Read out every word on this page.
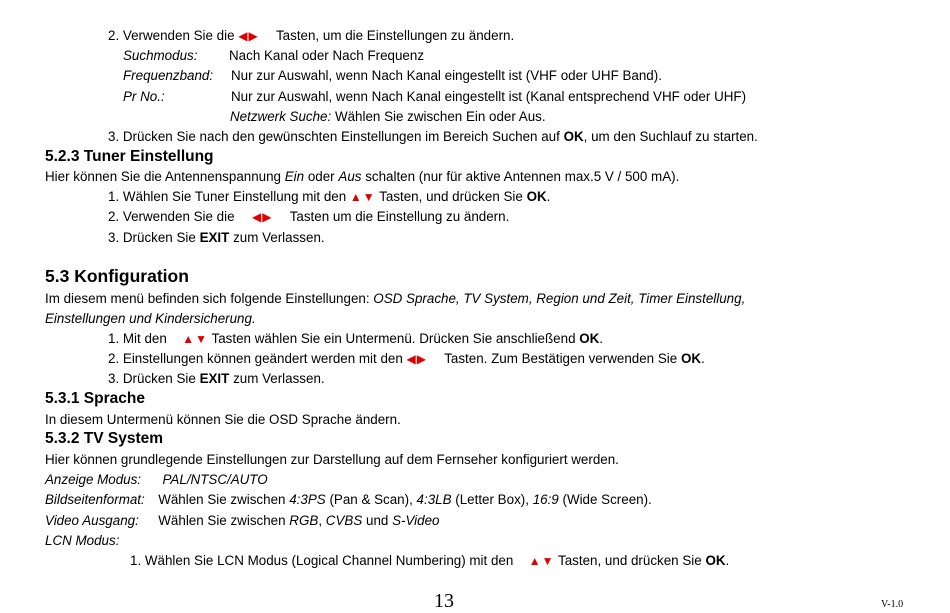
2. Verwenden Sie die ◀▶ Tasten, um die Einstellungen zu ändern.
Suchmodus: Nach Kanal oder Nach Frequenz
Frequenzband: Nur zur Auswahl, wenn Nach Kanal eingestellt ist (VHF oder UHF Band).
Pr No.:	Nur zur Auswahl, wenn Nach Kanal eingestellt ist (Kanal entsprechend VHF oder UHF)
Netzwerk Suche: Wählen Sie zwischen Ein oder Aus.
3. Drücken Sie nach den gewünschten Einstellungen im Bereich Suchen auf OK, um den Suchlauf zu starten.
5.2.3 Tuner Einstellung
Hier können Sie die Antennenspannung Ein oder Aus schalten (nur für aktive Antennen max.5 V / 500 mA).
1. Wählen Sie Tuner Einstellung mit den ▲▼ Tasten, und drücken Sie OK.
2. Verwenden Sie die ◀▶ Tasten um die Einstellung zu ändern.
3. Drücken Sie EXIT zum Verlassen.
5.3 Konfiguration
Im diesem menü befinden sich folgende Einstellungen: OSD Sprache, TV System, Region und Zeit, Timer Einstellung,
Einstellungen und Kindersicherung.
1. Mit den ▲▼ Tasten wählen Sie ein Untermenü. Drücken Sie anschließend OK.
2. Einstellungen können geändert werden mit den ◀▶ Tasten. Zum Bestätigen verwenden Sie OK.
3. Drücken Sie EXIT zum Verlassen.
5.3.1 Sprache
In diesem Untermenü können Sie die OSD Sprache ändern.
5.3.2 TV System
Hier können grundlegende Einstellungen zur Darstellung auf dem Fernseher konfiguriert werden.
Anzeige Modus: PAL/NTSC/AUTO
Bildseitenformat: Wählen Sie zwischen 4:3PS (Pan & Scan), 4:3LB (Letter Box), 16:9 (Wide Screen).
Video Ausgang: Wählen Sie zwischen RGB, CVBS und S-Video
LCN Modus:
1. Wählen Sie LCN Modus (Logical Channel Numbering) mit den ▲▼ Tasten, und drücken Sie OK.
13	V-1.0
